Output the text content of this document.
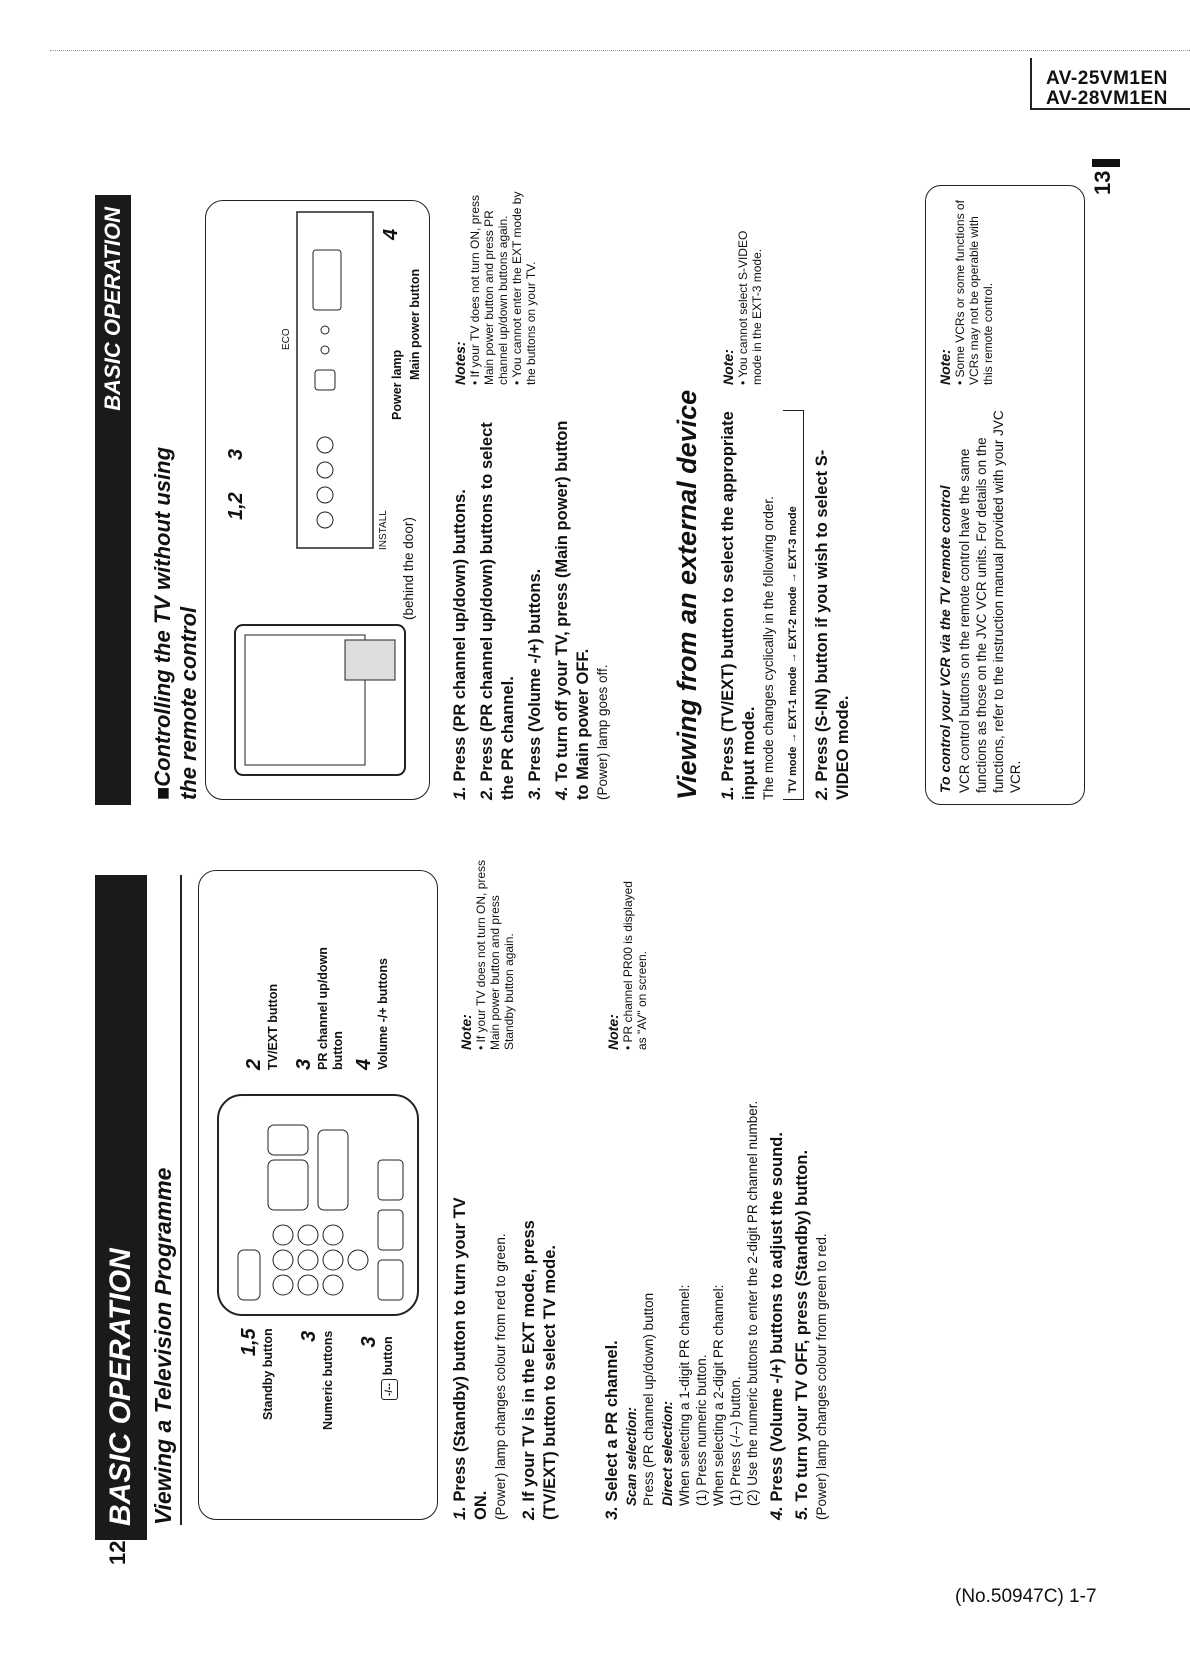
AV-25VM1EN
AV-28VM1EN
(No.50947C) 1-7
12
BASIC OPERATION Viewing a Television Programme	1,5 Standby button 3 Numeric buttons 3
-/--button
2 TV/EXT button 3 PR channel up/down button 4 Volume -/+ buttons
1. Press (Standby) button to turn your TV ON. (Power) lamp changes colour from red to green. 2. If your TV is in the EXT mode, press (TV/EXT) button to select TV mode.
Note: • If your TV does not turn ON, press Main power button and press Standby button again.
3. Select a PR channel. Scan selection: Press (PR channel up/down) button Direct selection: When selecting a 1-digit PR channel: (1) Press numeric button. When selecting a 2-digit PR channel: (1) Press (-/--) button. (2) Use the numeric buttons to enter the 2-digit PR channel number.
4. Press (Volume -/+) buttons to adjust the sound.
5. To turn your TV OFF, press (Standby) button. (Power) lamp changes colour from green to red.
Note: • PR channel PR00 is displayed as "AV" on screen.
13
BASIC OPERATION
■Controlling the TV without using the remote control
1,2
3
INSTALL
ECO
(behind the door)
Power lamp
4
Main power button
1. Press (PR channel up/down) buttons.
2. Press (PR channel up/down) buttons to select the PR channel. 3. Press (Volume -/+) buttons.
4. To turn off your TV, press (Main power) button to Main power OFF. (Power) lamp goes off.
Notes: • If your TV does not turn ON, press Main power button and press PR channel up/down buttons again. • You cannot enter the EXT mode by the buttons on your TV.
Viewing from an external device 1. Press (TV/EXT) button to select the appropriate input mode. The mode changes cyclically in the following order.	TV mode → EXT-1 mode → EXT-2 mode → EXT-3 mode
2. Press (S-IN) button if you wish to select S-VIDEO mode.
Note: • You cannot select S-VIDEO mode in the EXT-3 mode.
To control your VCR via the TV remote control VCR control buttons on the remote control have the same functions as those on the JVC VCR units. For details on the functions, refer to the instruction manual provided with your JVC VCR.
Note: • Some VCRs or some functions of VCRs may not be operable with this remote control.
